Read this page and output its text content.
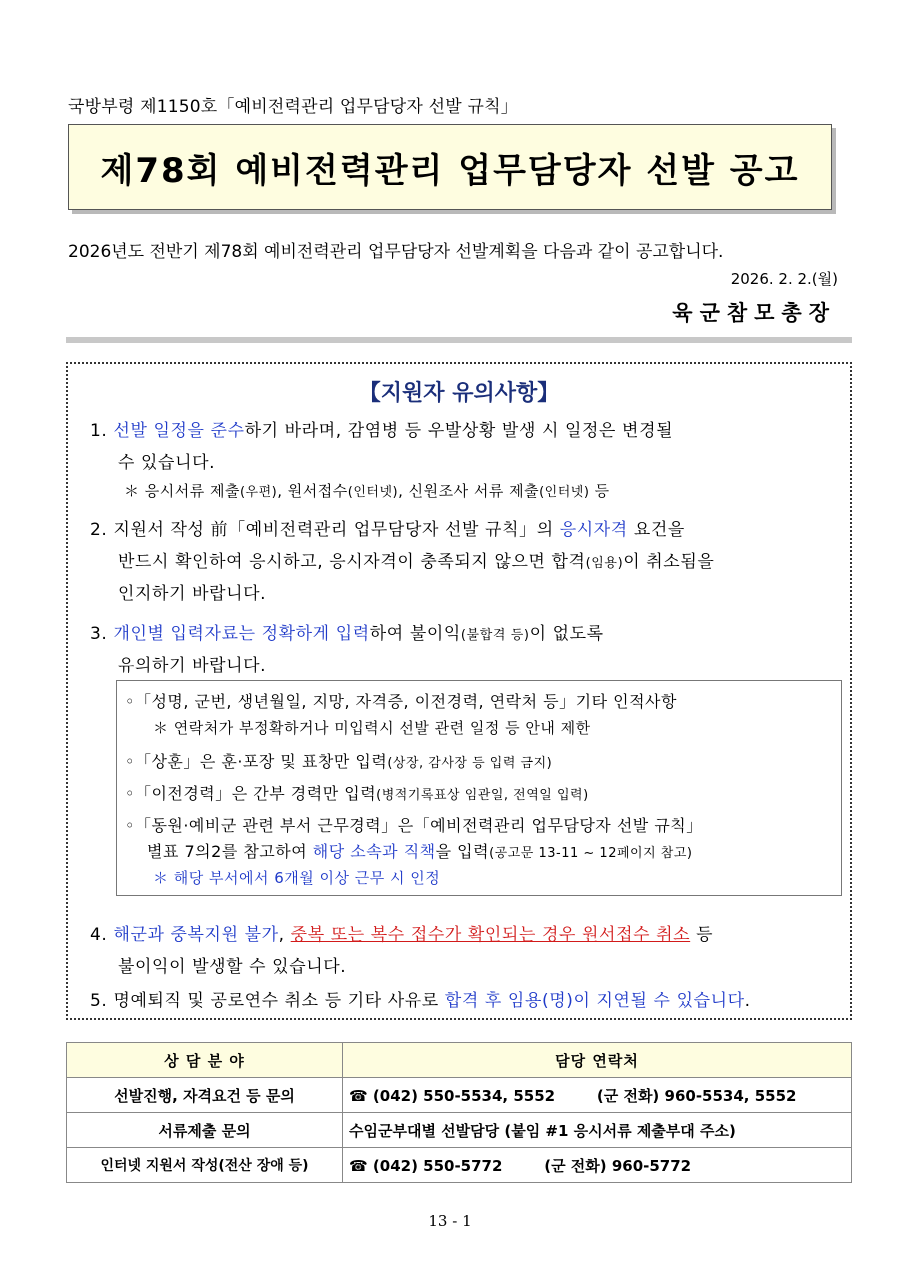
국방부령 제1150호「예비전력관리 업무담당자 선발 규칙」
제78회 예비전력관리 업무담당자 선발 공고
2026년도 전반기 제78회 예비전력관리 업무담당자 선발계획을 다음과 같이 공고합니다.
2026. 2. 2.(월)
육군참모총장
【지원자 유의사항】
1. 선발 일정을 준수하기 바라며, 감염병 등 우발상황 발생 시 일정은 변경될
수 있습니다.
＊ 응시서류 제출(우편), 원서접수(인터넷), 신원조사 서류 제출(인터넷) 등
2. 지원서 작성 前「예비전력관리 업무담당자 선발 규칙」의 응시자격 요건을
반드시 확인하여 응시하고, 응시자격이 충족되지 않으면 합격(임용)이 취소됨을
인지하기 바랍니다.
3. 개인별 입력자료는 정확하게 입력하여 불이익(불합격 등)이 없도록
유의하기 바랍니다.
◦「성명, 군번, 생년월일, 지망, 자격증, 이전경력, 연락처 등」기타 인적사항
＊ 연락처가 부정확하거나 미입력시 선발 관련 일정 등 안내 제한
◦「상훈」은 훈·포장 및 표창만 입력(상장, 감사장 등 입력 금지)
◦「이전경력」은 간부 경력만 입력(병적기록표상 임관일, 전역일 입력)
◦「동원·예비군 관련 부서 근무경력」은「예비전력관리 업무담당자 선발 규칙」
별표 7의2를 참고하여 해당 소속과 직책을 입력(공고문 13-11 ~ 12페이지 참고)
＊ 해당 부서에서 6개월 이상 근무 시 인정
4. 해군과 중복지원 불가, 중복 또는 복수 접수가 확인되는 경우 원서접수 취소 등
불이익이 발생할 수 있습니다.
5. 명예퇴직 및 공로연수 취소 등 기타 사유로 합격 후 임용(명)이 지연될 수 있습니다.
상 담 분 야	담당 연락처
선발진행, 자격요건 등 문의	☎ (042) 550-5534, 5552        (군 전화) 960-5534, 5552
서류제출 문의	수임군부대별 선발담당 (붙임 #1 응시서류 제출부대 주소)
인터넷 지원서 작성(전산 장애 등)	☎ (042) 550-5772        (군 전화) 960-5772
13 - 1
